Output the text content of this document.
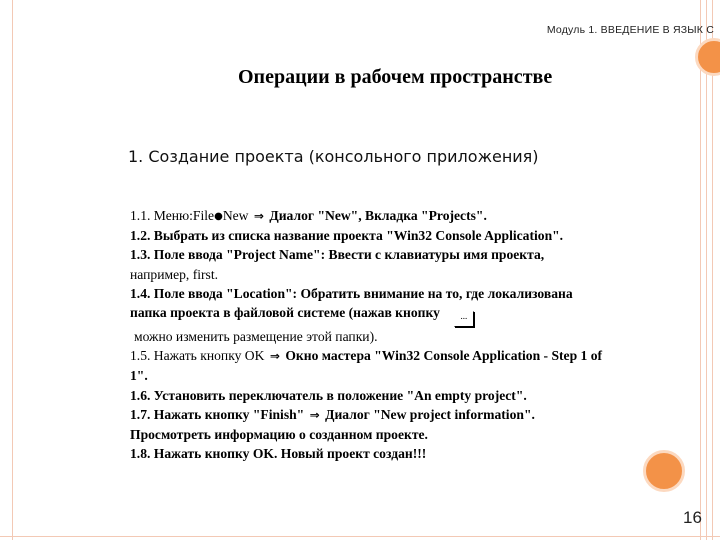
Модуль 1. ВВЕДЕНИЕ В ЯЗЫК С
Операции в рабочем пространстве
1. Создание проекта (консольного приложения)
1.1. Меню:File●New ⇒ Диалог "New", Вкладка "Projects".
1.2. Выбрать из списка название проекта "Win32 Console Application".
1.3. Поле ввода "Project Name": Ввести с клавиатуры имя проекта,
например, first.
1.4. Поле ввода "Location": Обратить внимание на то, где локализована
папка проекта в файловой системе (нажав кнопку ...
можно изменить размещение этой папки).
1.5. Нажать кнопку OK ⇒ Окно мастера "Win32 Console Application - Step 1 of
1".
1.6. Установить переключатель в положение "An empty project".
1.7. Нажать кнопку "Finish" ⇒ Диалог "New project information".
Просмотреть информацию о созданном проекте.
1.8. Нажать кнопку OK. Новый проект создан!!!
16
